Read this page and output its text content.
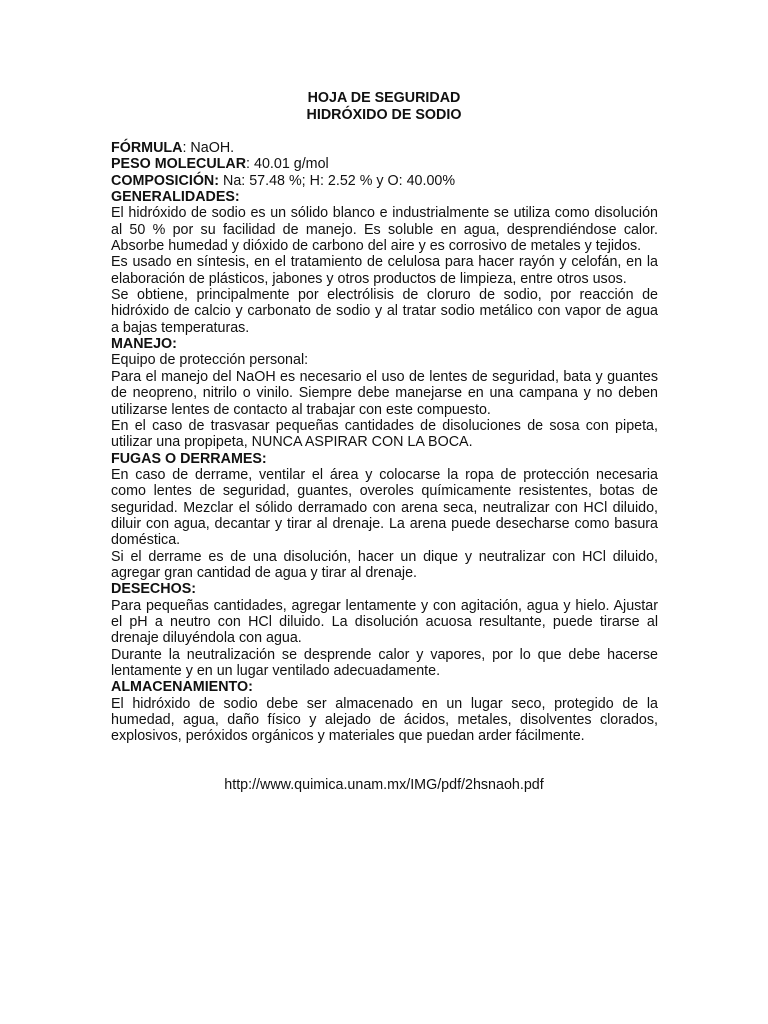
HOJA DE SEGURIDAD
HIDRÓXIDO DE SODIO

FÓRMULA: NaOH.

PESO MOLECULAR: 40.01 g/mol

COMPOSICIÓN: Na: 57.48 %; H: 2.52 % y O: 40.00%

GENERALIDADES:

El hidróxido de sodio es un sólido blanco e industrialmente se utiliza como disolución al 50 % por su facilidad de manejo. Es soluble en agua, desprendiéndose calor. Absorbe humedad y dióxido de carbono del aire y es corrosivo de metales y tejidos.

Es usado en síntesis, en el tratamiento de celulosa para hacer rayón y celofán, en la elaboración de plásticos, jabones y otros productos de limpieza, entre otros usos.

Se obtiene, principalmente por electrólisis de cloruro de sodio, por reacción de hidróxido de calcio y carbonato de sodio y al tratar sodio metálico con vapor de agua a bajas temperaturas.

MANEJO:

Equipo de protección personal:

Para el manejo del NaOH es necesario el uso de lentes de seguridad, bata y guantes de neopreno, nitrilo o vinilo. Siempre debe manejarse en una campana y no deben utilizarse lentes de contacto al trabajar con este compuesto.

En el caso de trasvasar pequeñas cantidades de disoluciones de sosa con pipeta, utilizar una propipeta, NUNCA ASPIRAR CON LA BOCA.

FUGAS O DERRAMES:

En caso de derrame, ventilar el área y colocarse la ropa de protección necesaria como lentes de seguridad, guantes, overoles químicamente resistentes, botas de seguridad. Mezclar el sólido derramado con arena seca, neutralizar con HCl diluido, diluir con agua, decantar y tirar al drenaje. La arena puede desecharse como basura doméstica.

Si el derrame es de una disolución, hacer un dique y neutralizar con HCl diluido, agregar gran cantidad de agua y tirar al drenaje.

DESECHOS:

Para pequeñas cantidades, agregar lentamente y con agitación, agua y hielo. Ajustar el pH a neutro con HCl diluido. La disolución acuosa resultante, puede tirarse al drenaje diluyéndola con agua.

Durante la neutralización se desprende calor y vapores, por lo que debe hacerse lentamente y en un lugar ventilado adecuadamente.

ALMACENAMIENTO:

El hidróxido de sodio debe ser almacenado en un lugar seco, protegido de la humedad, agua, daño físico y alejado de ácidos, metales, disolventes clorados, explosivos, peróxidos orgánicos y materiales que puedan arder fácilmente.

http://www.quimica.unam.mx/IMG/pdf/2hsnaoh.pdf
